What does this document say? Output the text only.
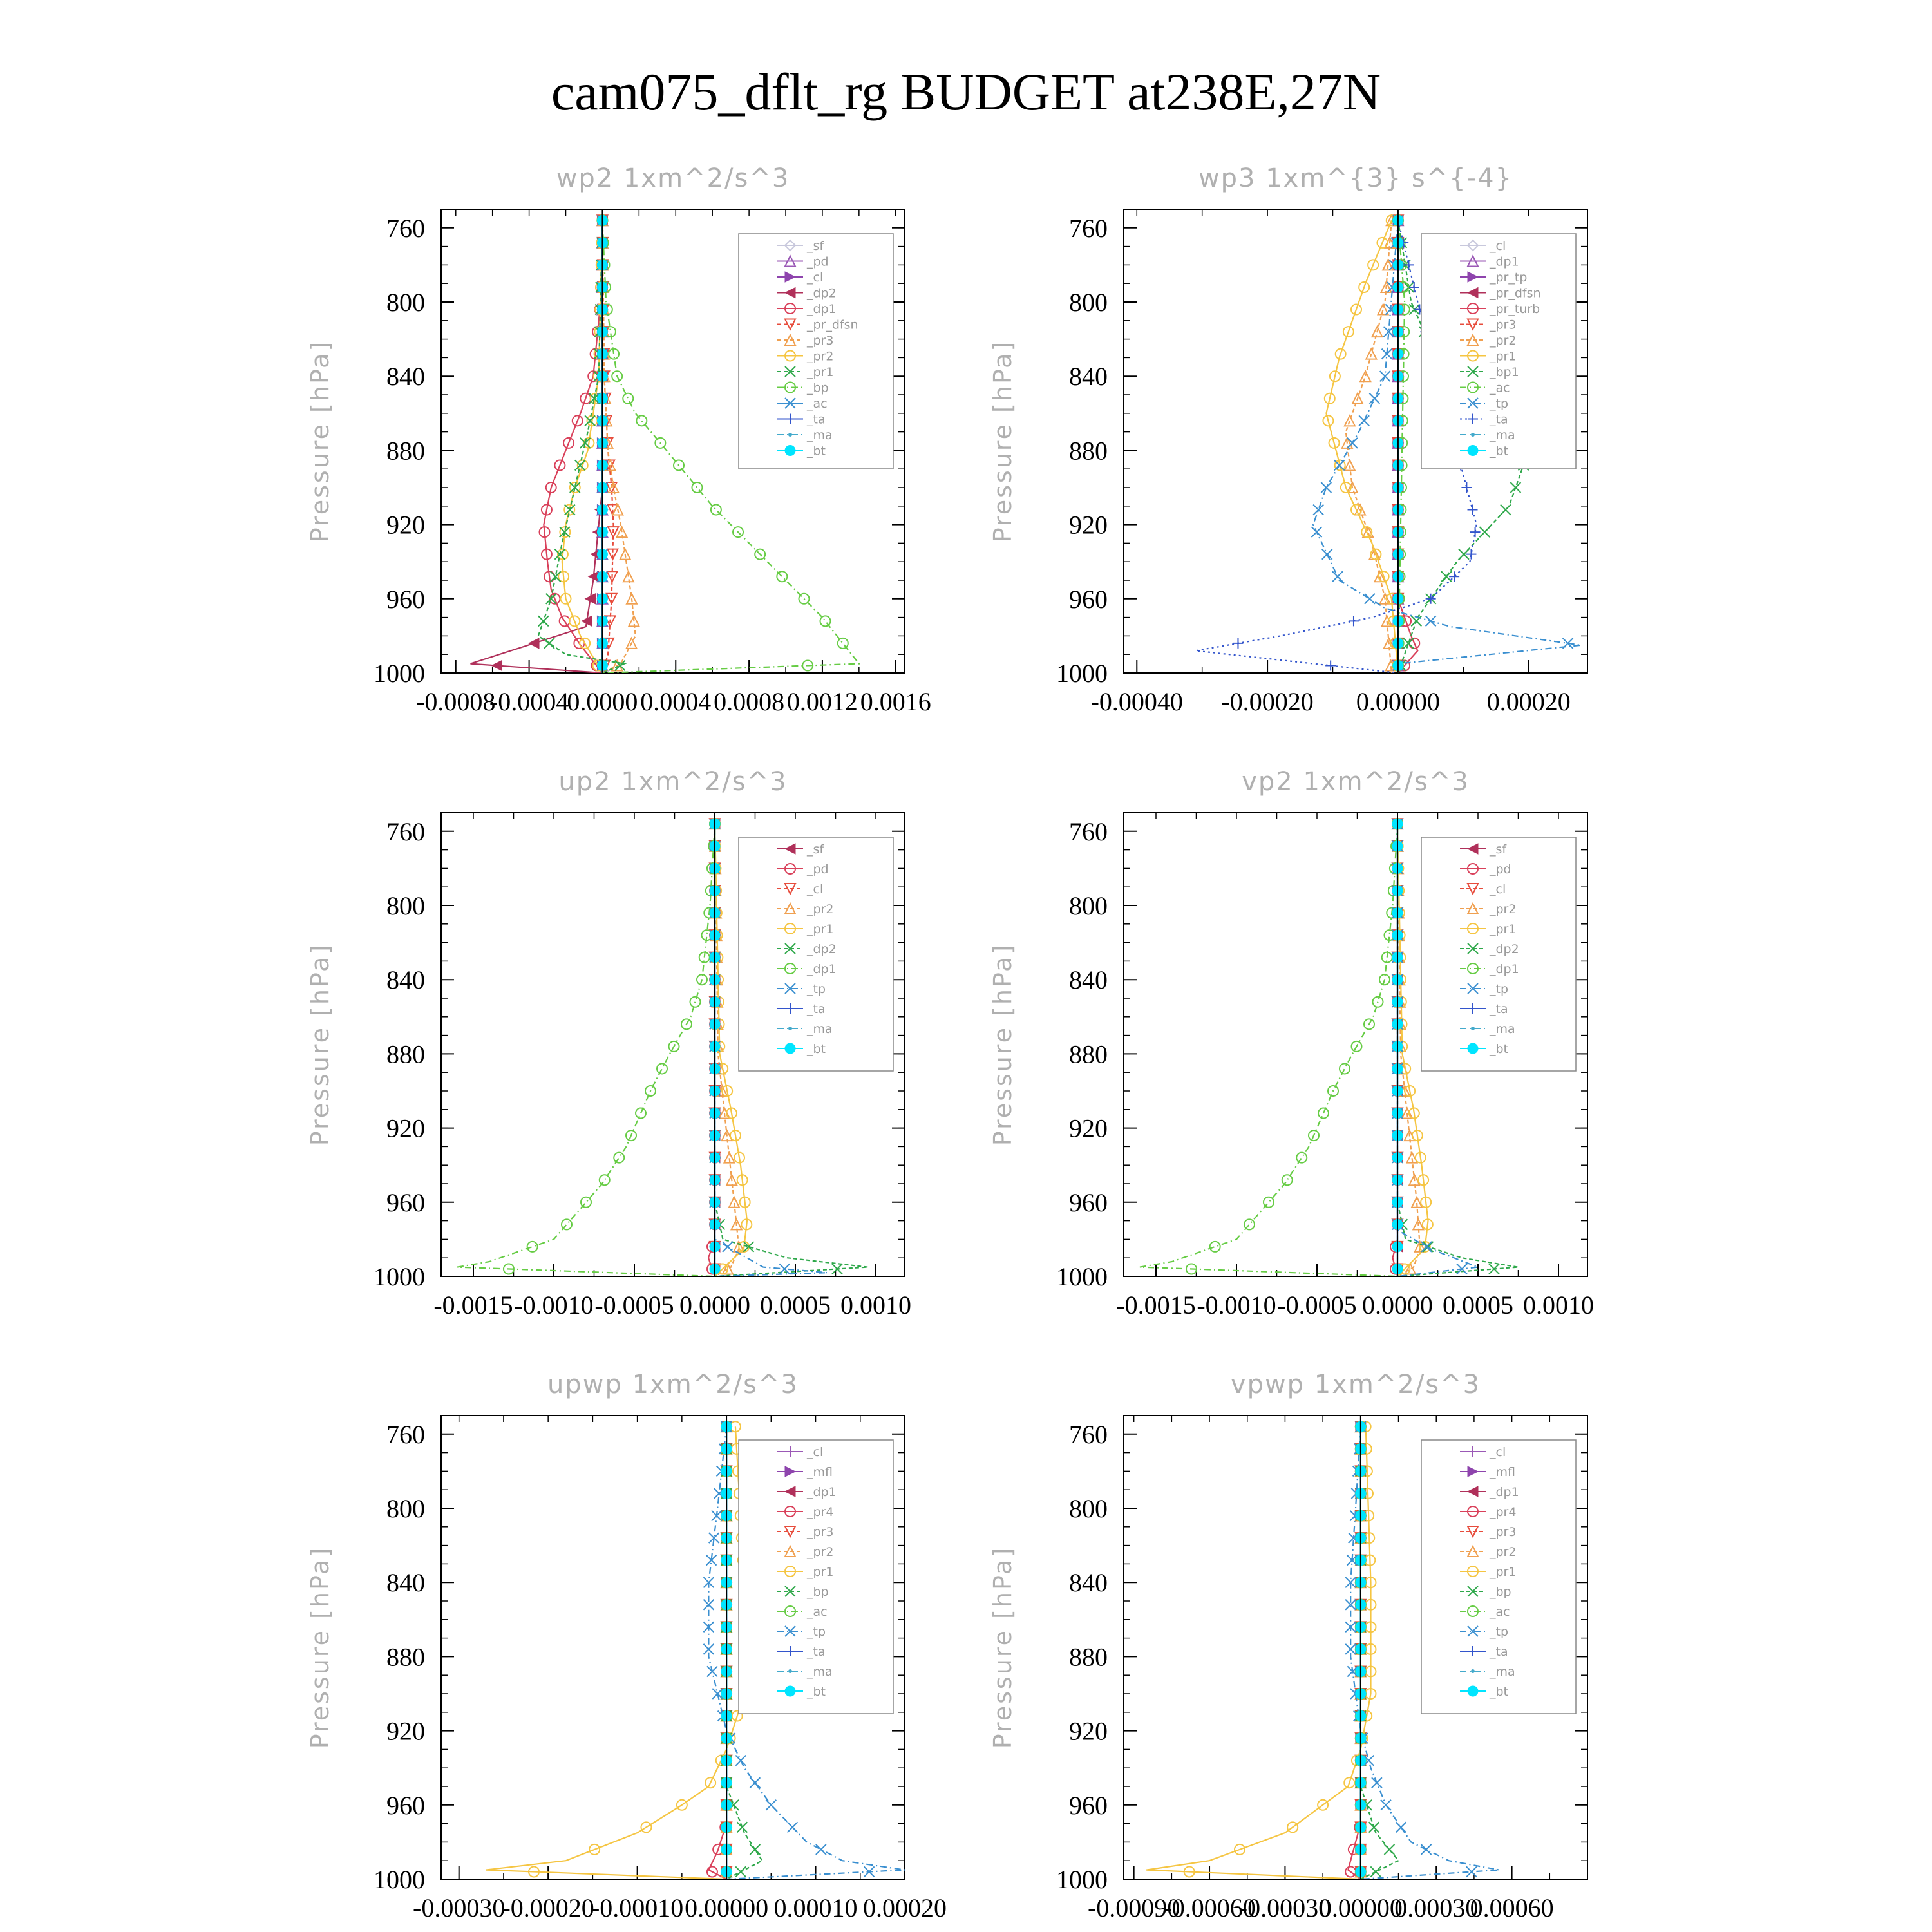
cam075_dflt_rg BUDGET at238E,27N
wp2 1xm^2/s^3
Pressure [hPa]
760
800
840
880
920
960
1000
-0.0008
-0.0004
0.0000 0.0004 0.0008 0.0012 0.0016
_sf
_pd
_cl
_dp2
_dp1
_pr_dfsn
_pr3
_pr2
_pr1
_bp
_ac
_ta
_ma
_bt
wp3 1xm^{3} s^{-4}
Pressure [hPa]
760
800
840
880
920
960
1000
-0.00040 -0.00020 0.00000 0.00020
_cl
_dp1
_pr_tp
_pr_dfsn
_pr_turb
_pr3
_pr2
_pr1
_bp1
_ac
_tp
_ta
_ma
_bt
up2 1xm^2/s^3
Pressure [hPa]
760
800
840
880
920
960
1000
-0.0015 -0.0010 -0.0005 0.0000 0.0005 0.0010
_sf
_pd
_cl
_pr2
_pr1
_dp2
_dp1
_tp
_ta
_ma
_bt
vp2 1xm^2/s^3
Pressure [hPa]
760
800
840
880
920
960
1000
-0.0015 -0.0010 -0.0005 0.0000 0.0005 0.0010
_sf
_pd
_cl
_pr2
_pr1
_dp2
_dp1
_tp
_ta
_ma
_bt
upwp 1xm^2/s^3
Pressure [hPa]
760
800
840
880
920
960
1000
-0.00030
-0.00020
-0.00010 0.00000 0.00010 0.00020
_cl
_mfl
_dp1
_pr4
_pr3
_pr2
_pr1
_bp
_ac
_tp
_ta
_ma
_bt
vpwp 1xm^2/s^3
Pressure [hPa]
760
800
840
880
920
960
1000
-0.00090
-0.00060
-0.00030
0.00000
0.00030
0.00060
_cl
_mfl
_dp1
_pr4
_pr3
_pr2
_pr1
_bp
_ac
_tp
_ta
_ma
_bt
